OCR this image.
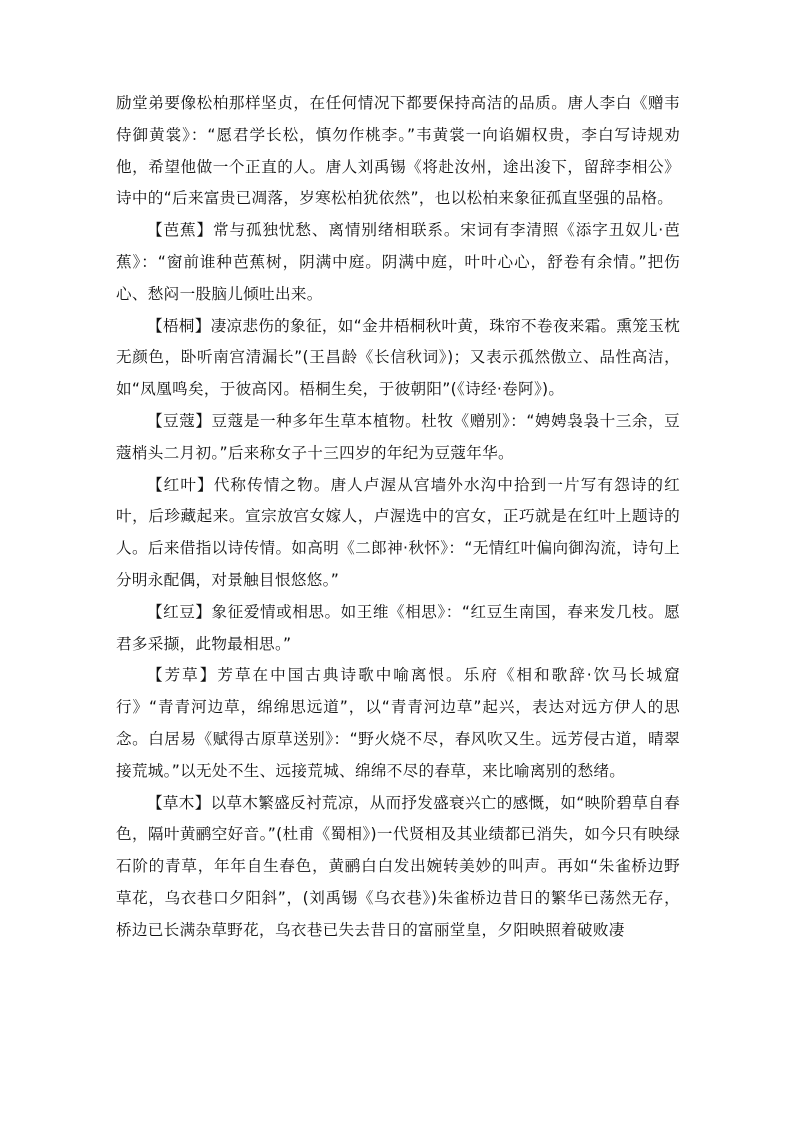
励堂弟要像松柏那样坚贞，在任何情况下都要保持高洁的品质。唐人李白《赠韦侍御黄裳》：“愿君学长松，慎勿作桃李。”韦黄裳一向谄媚权贵，李白写诗规劝他，希望他做一个正直的人。唐人刘禹锡《将赴汝州，途出浚下，留辞李相公》诗中的“后来富贵已凋落，岁寒松柏犹依然”，也以松柏来象征孤直坚强的品格。

【芭蕉】常与孤独忧愁、离情别绪相联系。宋词有李清照《添字丑奴儿·芭蕉》：“窗前谁种芭蕉树，阴满中庭。阴满中庭，叶叶心心，舒卷有余情。”把伤心、愁闷一股脑儿倾吐出来。

【梧桐】凄凉悲伤的象征，如“金井梧桐秋叶黄，珠帘不卷夜来霜。熏笼玉枕无颜色，卧听南宫清漏长”(王昌龄《长信秋词》)；又表示孤然傲立、品性高洁，如“凤凰鸣矣，于彼高冈。梧桐生矣，于彼朝阳”(《诗经·卷阿》)。

【豆蔻】豆蔻是一种多年生草本植物。杜牧《赠别》：“娉娉袅袅十三余，豆蔻梢头二月初。”后来称女子十三四岁的年纪为豆蔻年华。

【红叶】代称传情之物。唐人卢渥从宫墙外水沟中拾到一片写有怨诗的红叶，后珍藏起来。宣宗放宫女嫁人，卢渥选中的宫女，正巧就是在红叶上题诗的人。后来借指以诗传情。如高明《二郎神·秋怀》：“无情红叶偏向御沟流，诗句上分明永配偶，对景触目恨悠悠。”

【红豆】象征爱情或相思。如王维《相思》：“红豆生南国，春来发几枝。愿君多采撷，此物最相思。”

【芳草】芳草在中国古典诗歌中喻离恨。乐府《相和歌辞·饮马长城窟行》“青青河边草，绵绵思远道”，以“青青河边草”起兴，表达对远方伊人的思念。白居易《赋得古原草送别》：“野火烧不尽，春风吹又生。远芳侵古道，晴翠接荒城。”以无处不生、远接荒城、绵绵不尽的春草，来比喻离别的愁绪。

【草木】以草木繁盛反衬荒凉，从而抒发盛衰兴亡的感慨，如“映阶碧草自春色，隔叶黄鹂空好音。”(杜甫《蜀相》)一代贤相及其业绩都已消失，如今只有映绿石阶的青草，年年自生春色，黄鹂白白发出婉转美妙的叫声。再如“朱雀桥边野草花，乌衣巷口夕阳斜”，(刘禹锡《乌衣巷》)朱雀桥边昔日的繁华已荡然无存，桥边已长满杂草野花，乌衣巷已失去昔日的富丽堂皇，夕阳映照着破败凄
